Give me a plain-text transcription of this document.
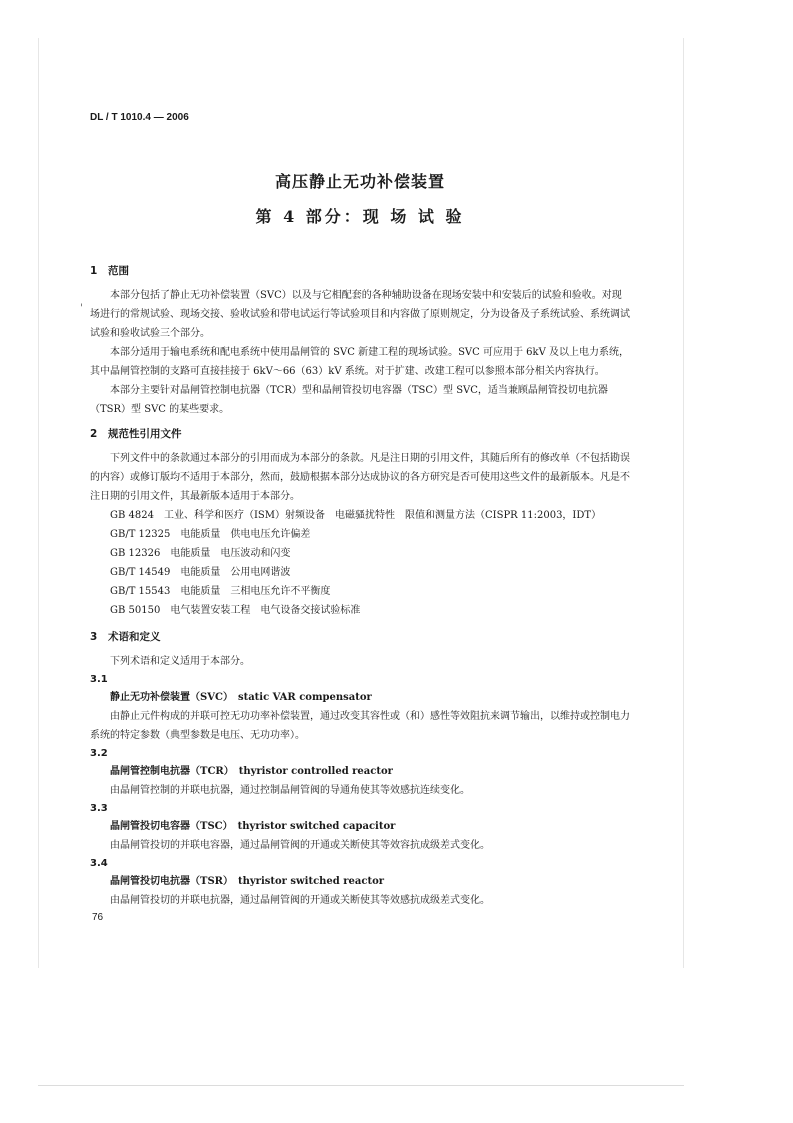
'

DL / T 1010.4 — 2006

高压静止无功补偿装置
第 4 部分：现 场 试 验

1 范围

本部分包括了静止无功补偿装置（SVC）以及与它相配套的各种辅助设备在现场安装中和安装后的试验和验收。对现场进行的常规试验、现场交接、验收试验和带电试运行等试验项目和内容做了原则规定，分为设备及子系统试验、系统调试试验和验收试验三个部分。

本部分适用于输电系统和配电系统中使用晶闸管的 SVC 新建工程的现场试验。SVC 可应用于 6kV 及以上电力系统，其中晶闸管控制的支路可直接挂接于 6kV～66（63）kV 系统。对于扩建、改建工程可以参照本部分相关内容执行。

本部分主要针对晶闸管控制电抗器（TCR）型和晶闸管投切电容器（TSC）型 SVC，适当兼顾晶闸管投切电抗器（TSR）型 SVC 的某些要求。

2 规范性引用文件

下列文件中的条款通过本部分的引用而成为本部分的条款。凡是注日期的引用文件，其随后所有的修改单（不包括勘误的内容）或修订版均不适用于本部分，然而，鼓励根据本部分达成协议的各方研究是否可使用这些文件的最新版本。凡是不注日期的引用文件，其最新版本适用于本部分。

GB 4824　工业、科学和医疗（ISM）射频设备　电磁骚扰特性　限值和测量方法（CISPR 11:2003，IDT）

GB/T 12325　电能质量　供电电压允许偏差

GB 12326　电能质量　电压波动和闪变

GB/T 14549　电能质量　公用电网谐波

GB/T 15543　电能质量　三相电压允许不平衡度

GB 50150　电气装置安装工程　电气设备交接试验标准

3 术语和定义

下列术语和定义适用于本部分。

3.1

静止无功补偿装置（SVC）　static VAR compensator

由静止元件构成的并联可控无功功率补偿装置，通过改变其容性或（和）感性等效阻抗来调节输出，以维持或控制电力系统的特定参数（典型参数是电压、无功功率）。

3.2

晶闸管控制电抗器（TCR）　thyristor controlled reactor

由晶闸管控制的并联电抗器，通过控制晶闸管阀的导通角使其等效感抗连续变化。

3.3

晶闸管投切电容器（TSC）　thyristor switched capacitor

由晶闸管投切的并联电容器，通过晶闸管阀的开通或关断使其等效容抗成级差式变化。

3.4

晶闸管投切电抗器（TSR）　thyristor switched reactor

由晶闸管投切的并联电抗器，通过晶闸管阀的开通或关断使其等效感抗成级差式变化。

76
